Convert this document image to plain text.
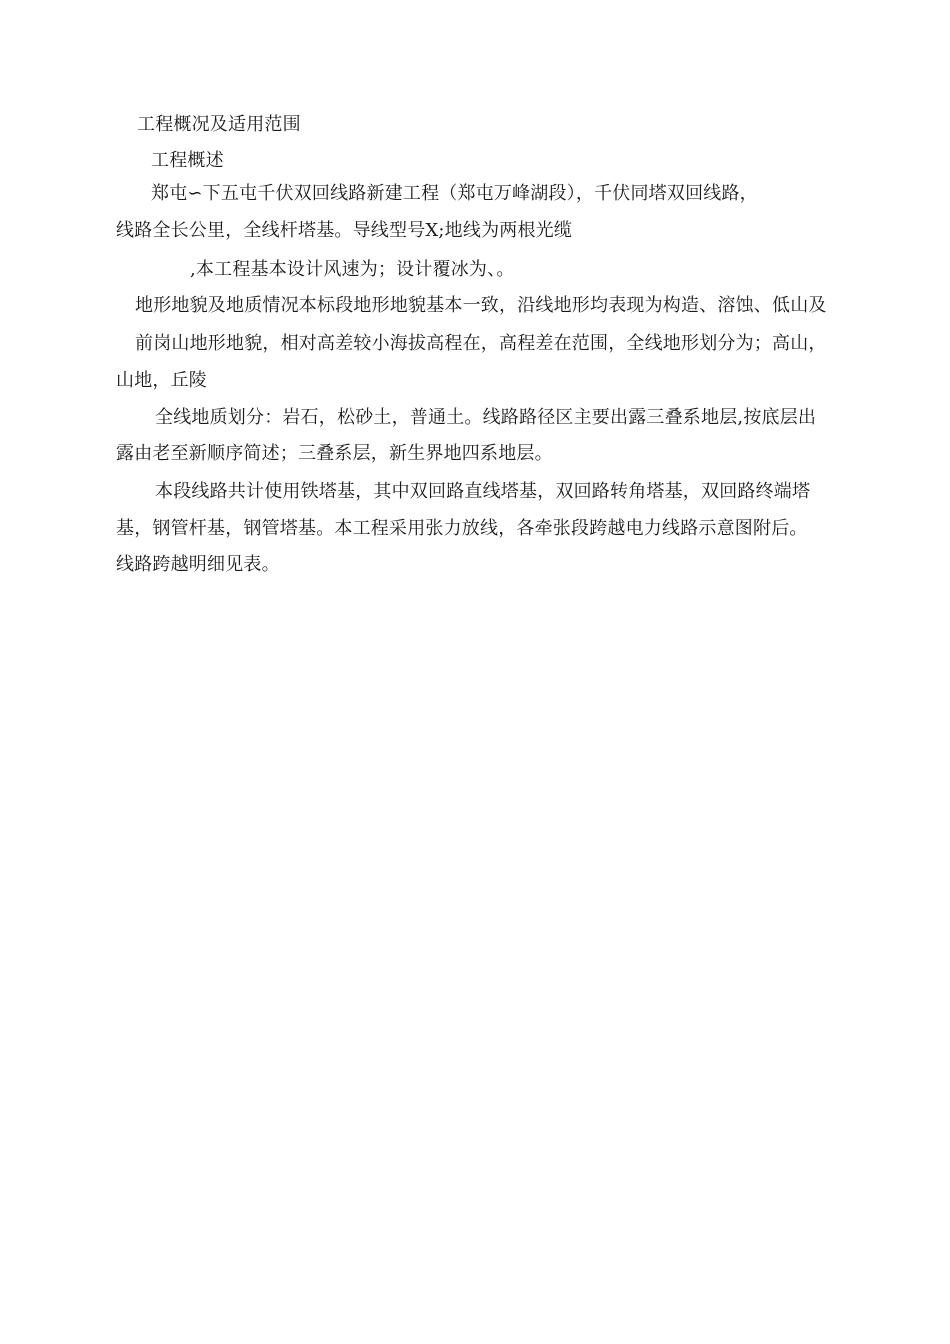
工程概况及适用范围
工程概述
郑屯∽下五屯千伏双回线路新建工程（郑屯万峰湖段），千伏同塔双回线路，
线路全长公里，全线杆塔基。导线型号X;地线为两根光缆
,本工程基本设计风速为；设计覆冰为、。
地形地貌及地质情况本标段地形地貌基本一致，沿线地形均表现为构造、溶蚀、低山及
前岗山地形地貌，相对高差较小海拔高程在，高程差在范围，全线地形划分为；高山，
山地，丘陵
全线地质划分：岩石，松砂土，普通土。线路路径区主要出露三叠系地层,按底层出
露由老至新顺序简述；三叠系层，新生界地四系地层。
本段线路共计使用铁塔基，其中双回路直线塔基，双回路转角塔基，双回路终端塔
基，钢管杆基，钢管塔基。本工程采用张力放线，各牵张段跨越电力线路示意图附后。
线路跨越明细见表。
